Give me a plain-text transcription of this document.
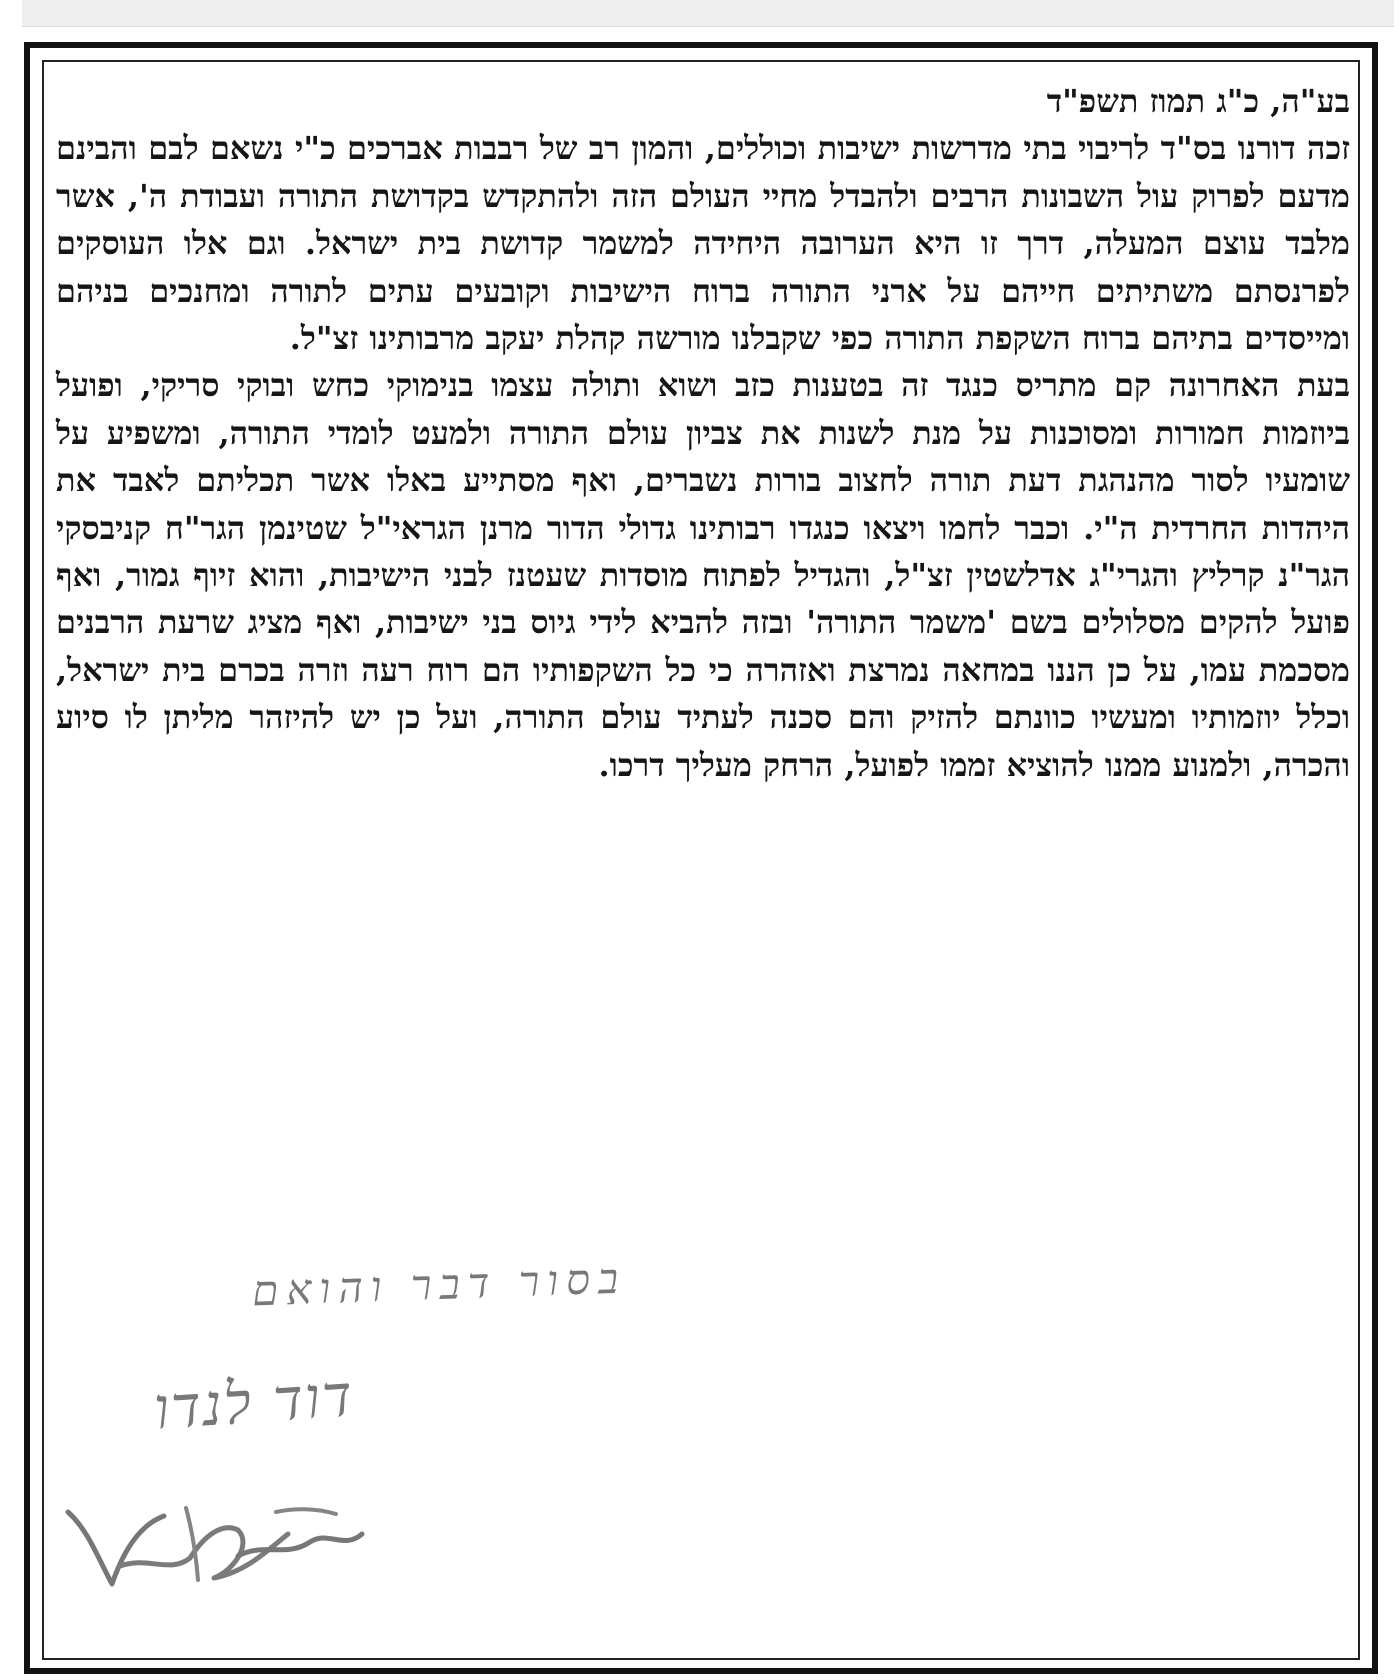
בע"ה, כ"ג תמוז תשפ"ד

זכה דורנו בס"ד לריבוי בתי מדרשות ישיבות וכוללים, והמון רב של רבבות אברכים כ"י נשאם לבם והבינם מדעם לפרוק עול השבונות הרבים ולהבדל מחיי העולם הזה ולהתקדש בקדושת התורה ועבודת ה', אשר מלבד עוצם המעלה, דרך זו היא הערובה היחידה למשמר קדושת בית ישראל. וגם אלו העוסקים לפרנסתם משתיתים חייהם על ארני התורה ברוח הישיבות וקובעים עתים לתורה ומחנכים בניהם ומייסדים בתיהם ברוח השקפת התורה כפי שקבלנו מורשה קהלת יעקב מרבותינו זצ"ל.

בעת האחרונה קם מתריס כנגד זה בטענות כזב ושוא ותולה עצמו בנימוקי כחש ובוקי סריקי, ופועל ביוזמות חמורות ומסוכנות על מנת לשנות את צביון עולם התורה ולמעט לומדי התורה, ומשפיע על שומעיו לסור מהנהגת דעת תורה לחצוב בורות נשברים, ואף מסתייע באלו אשר תכליתם לאבד את היהדות החרדית ה"י. וכבר לחמו ויצאו כנגדו רבותינו גדולי הדור מרנן הגראי"ל שטינמן הגר"ח קניבסקי הגר"נ קרליץ והגרי"ג אדלשטין זצ"ל, והגדיל לפתוח מוסדות שעטנז לבני הישיבות, והוא זיוף גמור, ואף פועל להקים מסלולים בשם 'משמר התורה' ובזה להביא לידי גיוס בני ישיבות, ואף מציג שרעת הרבנים מסכמת עמו, על כן הננו במחאה נמרצת ואזהרה כי כל השקפותיו הם רוח רעה וזרה בכרם בית ישראל, וכלל יוזמותיו ומעשיו כוונתם להזיק והם סכנה לעתיד עולם התורה, ועל כן יש להיזהר מליתן לו סיוע והכרה, ולמנוע ממנו להוציא זממו לפועל, הרחק מעליך דרכו.

בסור דבר והואם
דוד לנדו
